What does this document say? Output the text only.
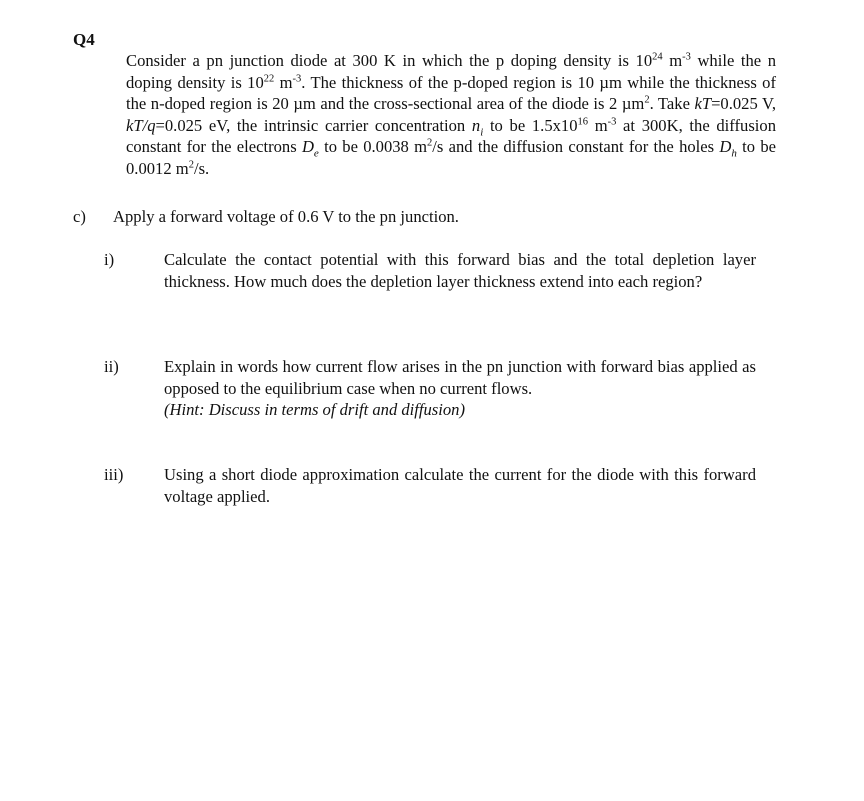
Q4
Consider a pn junction diode at 300 K in which the p doping density is $10^{24}$ $m^{-3}$ while the n doping density is $10^{22}$ $m^{-3}$. The thickness of the p-doped region is 10 µm while the thickness of the n-doped region is 20 µm and the cross-sectional area of the diode is 2 µm$^2$. Take kT=0.025 V, kT/q=0.025 eV, the intrinsic carrier concentration $n_i$ to be $1.5x10^{16}$ $m^{-3}$ at 300K, the diffusion constant for the electrons $D_e$ to be 0.0038 $m^2/s$ and the diffusion constant for the holes $D_h$ to be 0.0012 $m^2/s$.
c) Apply a forward voltage of 0.6 V to the pn junction.
i)	Calculate the contact potential with this forward bias and the total depletion layer thickness. How much does the depletion layer thickness extend into each region?
ii)	Explain in words how current flow arises in the pn junction with forward bias applied as opposed to the equilibrium case when no current flows.
(Hint: Discuss in terms of drift and diffusion)
iii) Using a short diode approximation calculate the current for the diode with this forward voltage applied.
